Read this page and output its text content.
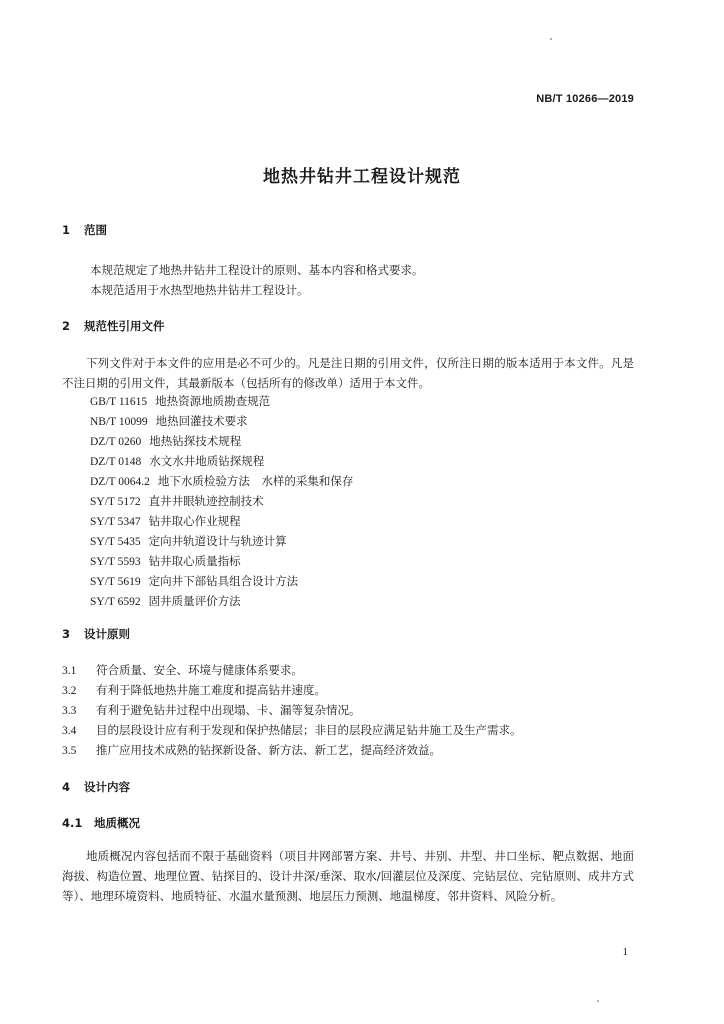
NB/T 10266—2019
地热井钻井工程设计规范
1 范围
本规范规定了地热井钻井工程设计的原则、基本内容和格式要求。
本规范适用于水热型地热井钻井工程设计。
2 规范性引用文件
下列文件对于本文件的应用是必不可少的。凡是注日期的引用文件，仅所注日期的版本适用于本文件。凡是不注日期的引用文件，其最新版本（包括所有的修改单）适用于本文件。
GB/T 11615 地热资源地质勘查规范
NB/T 10099 地热回灌技术要求
DZ/T 0260 地热钻探技术规程
DZ/T 0148 水文水井地质钻探规程
DZ/T 0064.2 地下水质检验方法　水样的采集和保存
SY/T 5172 直井井眼轨迹控制技术
SY/T 5347 钻井取心作业规程
SY/T 5435 定向井轨道设计与轨迹计算
SY/T 5593 钻井取心质量指标
SY/T 5619 定向井下部钻具组合设计方法
SY/T 6592 固井质量评价方法
3 设计原则
3.1 符合质量、安全、环境与健康体系要求。
3.2 有利于降低地热井施工难度和提高钻井速度。
3.3 有利于避免钻井过程中出现塌、卡、漏等复杂情况。
3.4 目的层段设计应有利于发现和保护热储层；非目的层段应满足钻井施工及生产需求。
3.5 推广应用技术成熟的钻探新设备、新方法、新工艺，提高经济效益。
4 设计内容
4.1 地质概况
地质概况内容包括而不限于基础资料（项目井网部署方案、井号、井别、井型、井口坐标、靶点数据、地面海拔、构造位置、地理位置、钻探目的、设计井深/垂深、取水/回灌层位及深度、完钻层位、完钻原则、成井方式等）、地理环境资料、地质特征、水温水量预测、地层压力预测、地温梯度、邻井资料、风险分析。
1
